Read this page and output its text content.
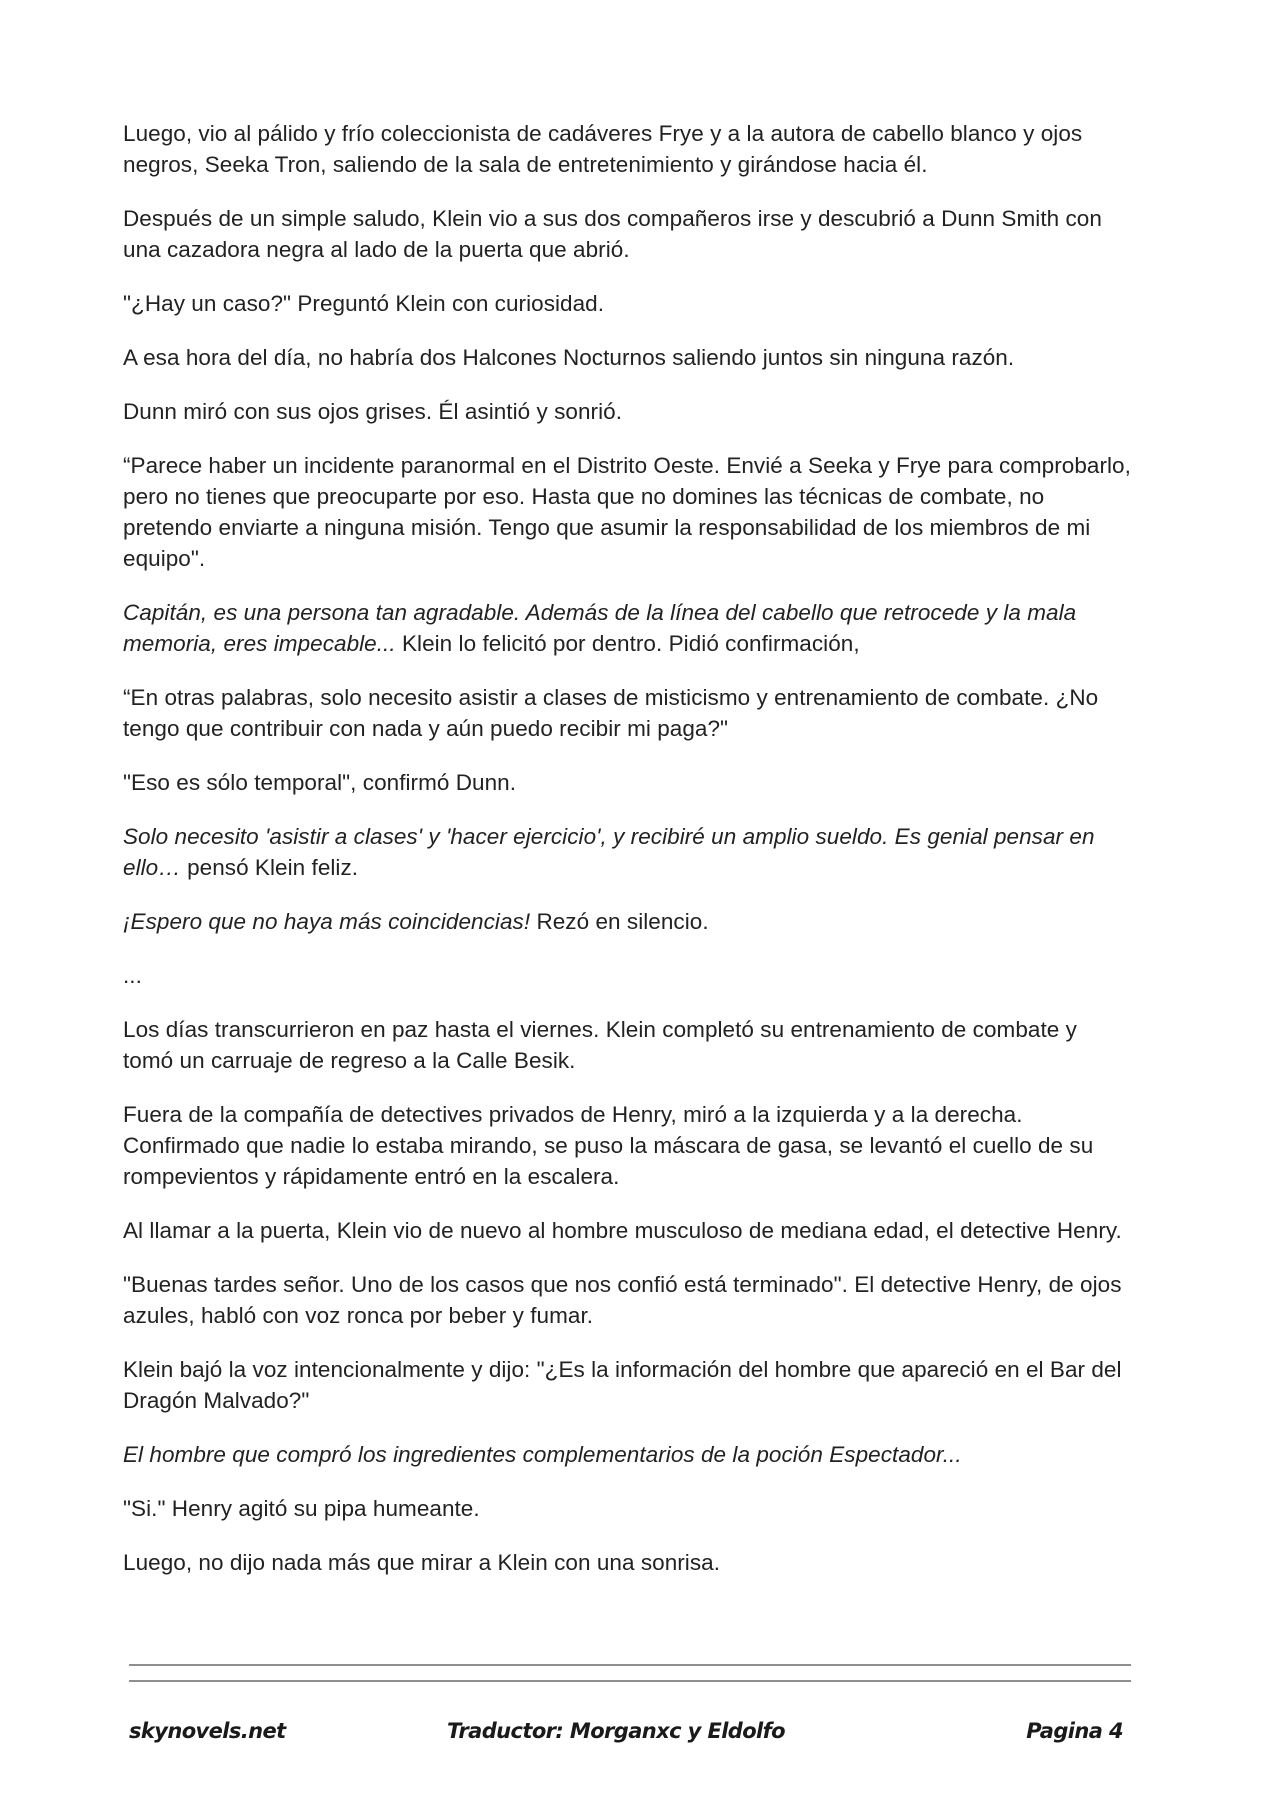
Luego, vio al pálido y frío coleccionista de cadáveres Frye y a la autora de cabello blanco y ojos negros, Seeka Tron, saliendo de la sala de entretenimiento y girándose hacia él.

Después de un simple saludo, Klein vio a sus dos compañeros irse y descubrió a Dunn Smith con una cazadora negra al lado de la puerta que abrió.

"¿Hay un caso?" Preguntó Klein con curiosidad.

A esa hora del día, no habría dos Halcones Nocturnos saliendo juntos sin ninguna razón.

Dunn miró con sus ojos grises. Él asintió y sonrió.

“Parece haber un incidente paranormal en el Distrito Oeste. Envié a Seeka y Frye para comprobarlo, pero no tienes que preocuparte por eso. Hasta que no domines las técnicas de combate, no pretendo enviarte a ninguna misión. Tengo que asumir la responsabilidad de los miembros de mi equipo".

Capitán, es una persona tan agradable. Además de la línea del cabello que retrocede y la mala memoria, eres impecable... Klein lo felicitó por dentro. Pidió confirmación,

“En otras palabras, solo necesito asistir a clases de misticismo y entrenamiento de combate. ¿No tengo que contribuir con nada y aún puedo recibir mi paga?"

"Eso es sólo temporal", confirmó Dunn.

Solo necesito 'asistir a clases' y 'hacer ejercicio', y recibiré un amplio sueldo. Es genial pensar en ello… pensó Klein feliz.

¡Espero que no haya más coincidencias! Rezó en silencio.

...

Los días transcurrieron en paz hasta el viernes. Klein completó su entrenamiento de combate y tomó un carruaje de regreso a la Calle Besik.

Fuera de la compañía de detectives privados de Henry, miró a la izquierda y a la derecha. Confirmado que nadie lo estaba mirando, se puso la máscara de gasa, se levantó el cuello de su rompevientos y rápidamente entró en la escalera.

Al llamar a la puerta, Klein vio de nuevo al hombre musculoso de mediana edad, el detective Henry.

"Buenas tardes señor. Uno de los casos que nos confió está terminado". El detective Henry, de ojos azules, habló con voz ronca por beber y fumar.

Klein bajó la voz intencionalmente y dijo: "¿Es la información del hombre que apareció en el Bar del Dragón Malvado?"

El hombre que compró los ingredientes complementarios de la poción Espectador...

"Si." Henry agitó su pipa humeante.

Luego, no dijo nada más que mirar a Klein con una sonrisa.

skynovels.net	Traductor: Morganxc y Eldolfo	Pagina 4
